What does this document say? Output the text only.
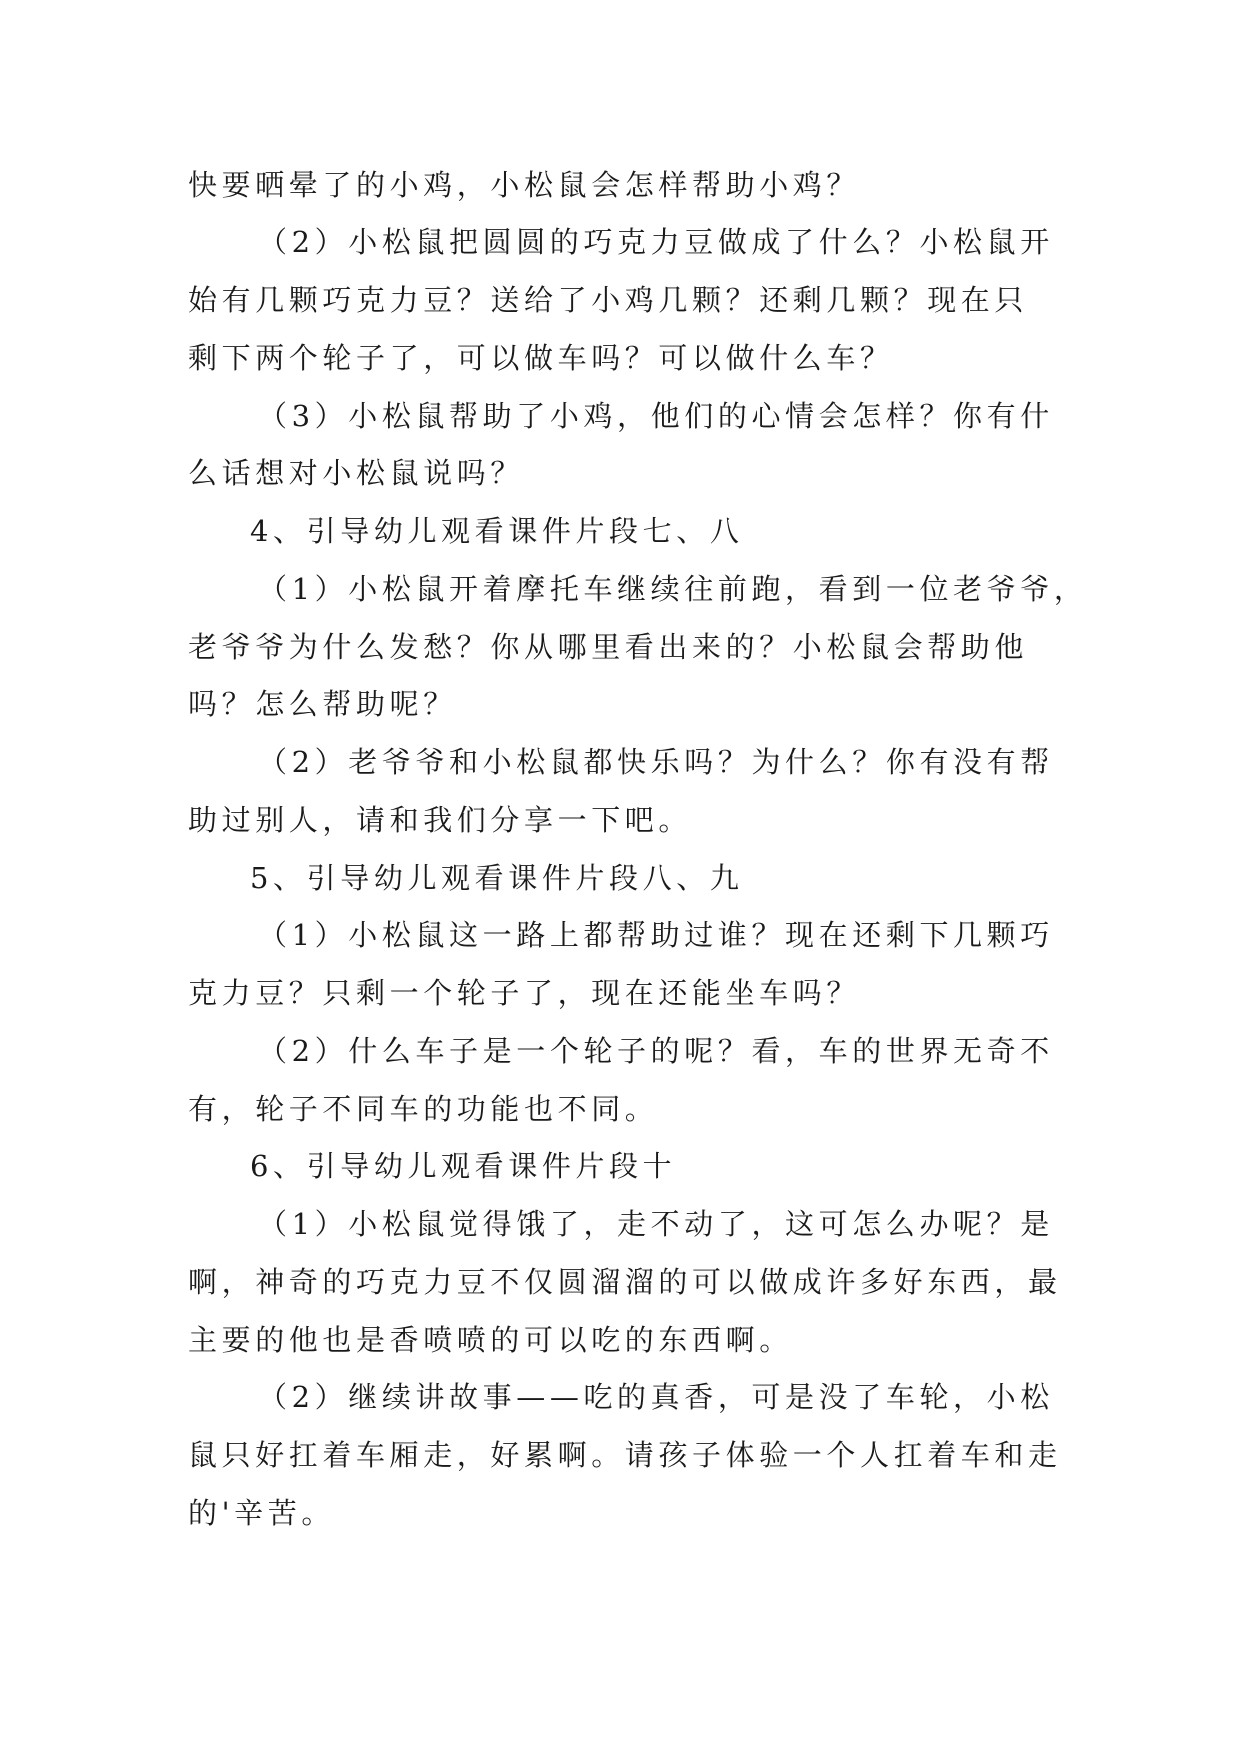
快要晒晕了的小鸡，小松鼠会怎样帮助小鸡？
（2）小松鼠把圆圆的巧克力豆做成了什么？小松鼠开
始有几颗巧克力豆？送给了小鸡几颗？还剩几颗？现在只
剩下两个轮子了，可以做车吗？可以做什么车？
（3）小松鼠帮助了小鸡，他们的心情会怎样？你有什
么话想对小松鼠说吗？
4、引导幼儿观看课件片段七、八
（1）小松鼠开着摩托车继续往前跑，看到一位老爷爷，
老爷爷为什么发愁？你从哪里看出来的？小松鼠会帮助他
吗？怎么帮助呢？
（2）老爷爷和小松鼠都快乐吗？为什么？你有没有帮
助过别人，请和我们分享一下吧。
5、引导幼儿观看课件片段八、九
（1）小松鼠这一路上都帮助过谁？现在还剩下几颗巧
克力豆？只剩一个轮子了，现在还能坐车吗？
（2）什么车子是一个轮子的呢？看，车的世界无奇不
有，轮子不同车的功能也不同。
6、引导幼儿观看课件片段十
（1）小松鼠觉得饿了，走不动了，这可怎么办呢？是
啊，神奇的巧克力豆不仅圆溜溜的可以做成许多好东西，最
主要的他也是香喷喷的可以吃的东西啊。
（2）继续讲故事——吃的真香，可是没了车轮，小松
鼠只好扛着车厢走，好累啊。请孩子体验一个人扛着车和走
的'辛苦。
